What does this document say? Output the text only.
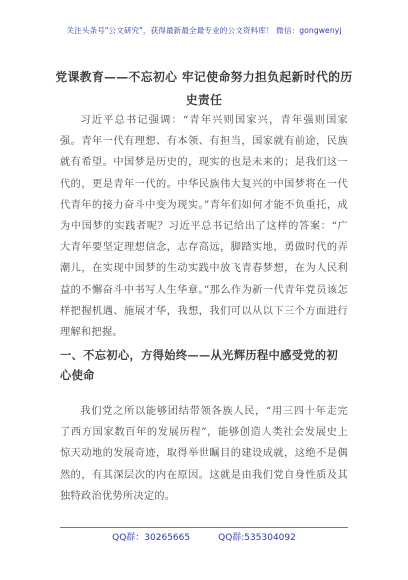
关注头条号"公文研究"，获得最新最全最专业的公文资料库！ 微信：gongwenyj
党课教育——不忘初心 牢记使命努力担负起新时代的历史责任

习近平总书记强调：“青年兴则国家兴，青年强则国家强。青年一代有理想、有本领、有担当，国家就有前途，民族就有希望。中国梦是历史的，现实的也是未来的；是我们这一代的，更是青年一代的。中华民族伟大复兴的中国梦将在一代代青年的接力奋斗中变为现实。”青年们如何才能不负重托，成为中国梦的实践者呢？习近平总书记给出了这样的答案：“广大青年要坚定理想信念，志存高远，脚踏实地，勇做时代的弄潮儿，在实现中国梦的生动实践中放飞青春梦想，在为人民利益的不懈奋斗中书写人生华章。”那么作为新一代青年党员该怎样把握机遇、施展才华，我想，我们可以从以下三个方面进行理解和把握。

一、不忘初心，方得始终——从光辉历程中感受党的初心使命

我们党之所以能够团结带领各族人民，“用三四十年走完了西方国家数百年的发展历程”，能够创造人类社会发展史上惊天动地的发展奇迹，取得举世瞩目的建设成就，这绝不是偶然的，有其深层次的内在原因。这就是由我们党自身性质及其独特政治优势所决定的。

QQ群：30265665	QQ群:535304092
